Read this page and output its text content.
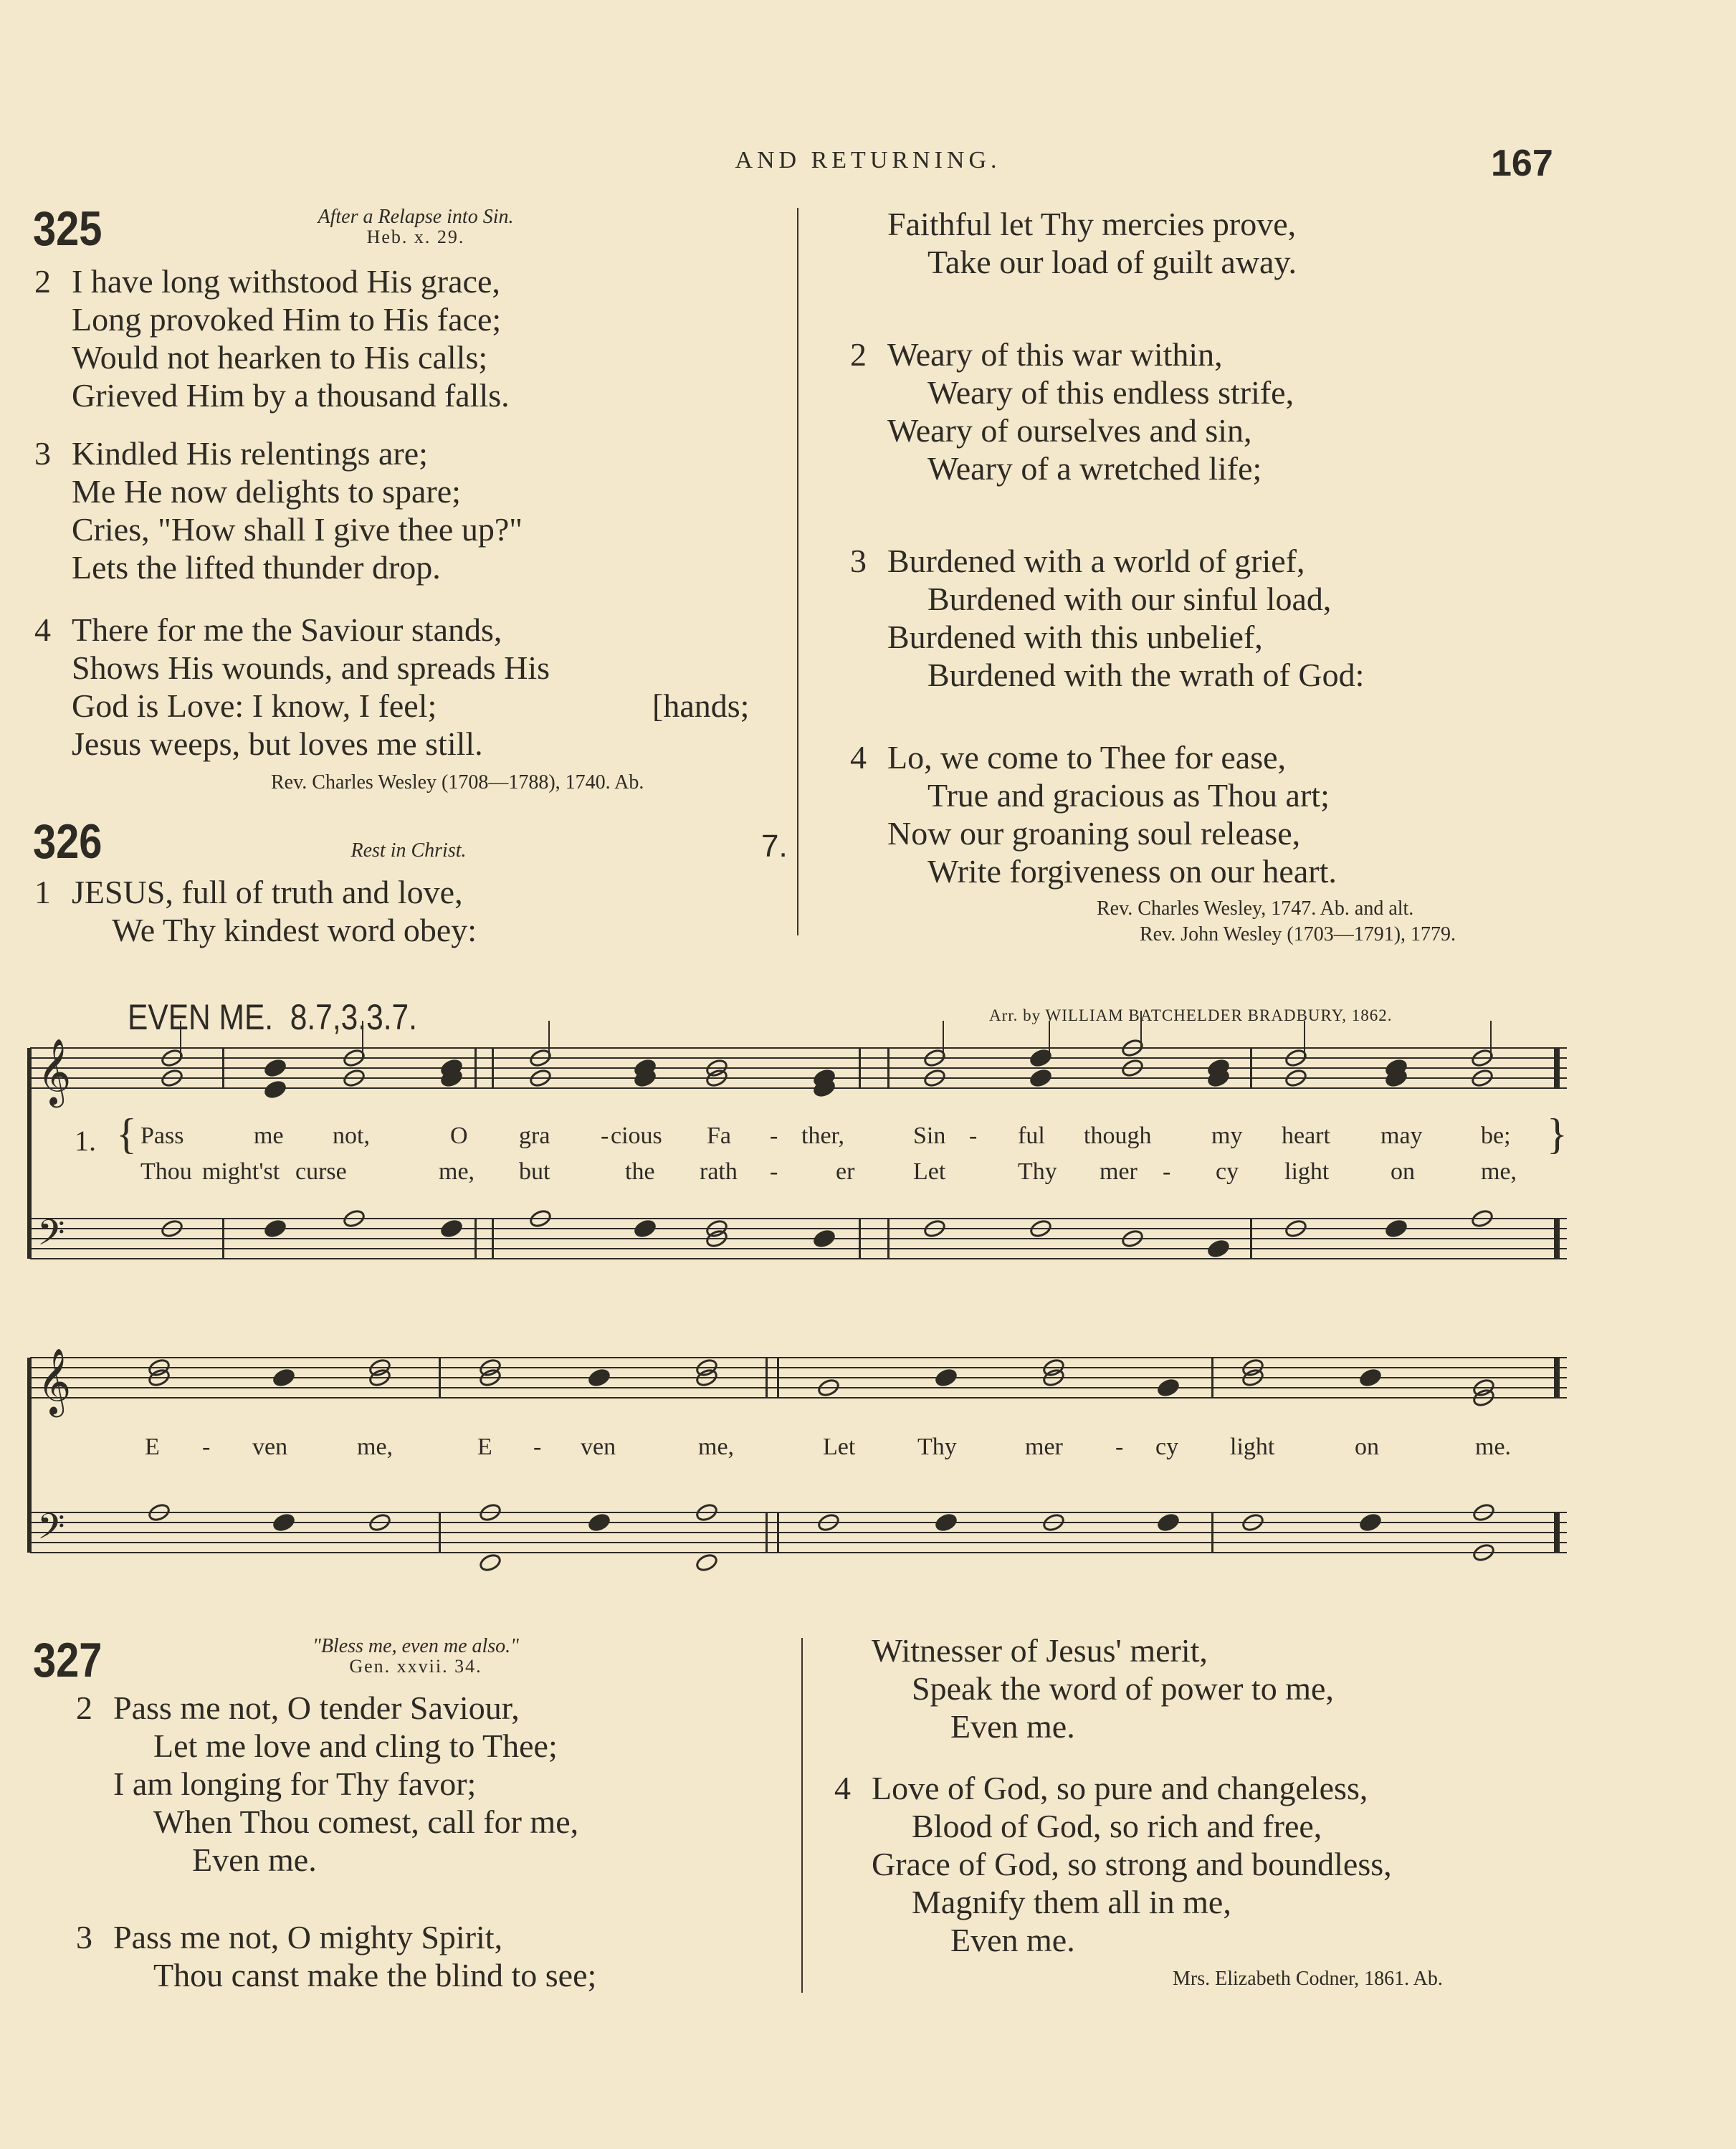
AND RETURNING.	167
325	After a Relapse into Sin.
Heb. x. 29.
2 I have long withstood His grace,
Long provoked Him to His face;
Would not hearken to His calls;
Grieved Him by a thousand falls.
3 Kindled His relentings are;
Me He now delights to spare;
Cries, "How shall I give thee up?"
Lets the lifted thunder drop.
4 There for me the Saviour stands,
Shows His wounds, and spreads His
God is Love: I know, I feel;
Jesus weeps, but loves me still.
[hands;
Rev. Charles Wesley (1708—1788), 1740. Ab.
326	Rest in Christ.	7.
1 JESUS, full of truth and love,
We Thy kindest word obey:
Faithful let Thy mercies prove,
Take our load of guilt away.
2 Weary of this war within,
Weary of this endless strife,
Weary of ourselves and sin,
Weary of a wretched life;
3 Burdened with a world of grief,
Burdened with our sinful load,
Burdened with this unbelief,
Burdened with the wrath of God:
4 Lo, we come to Thee for ease,
True and gracious as Thou art;
Now our groaning soul release,
Write forgiveness on our heart.
Rev. Charles Wesley, 1747. Ab. and alt.
Rev. John Wesley (1703—1791), 1779.
EVEN ME. 8.7,3.3.7.	Arr. by WILLIAM BATCHELDER BRADBURY, 1862.
𝄞
𝄢
𝄞
𝄢
1. {	}
Pass	me not,	O gra - cious Fa - ther,	Sin - ful though my heart may be;
Thou might'st curse	me, but	the rath - er Let	Thy mer - cy light	on	me,
E - ven	me,	E - ven	me,	Let	Thy	mer - cy light	on	me.
327	"Bless me, even me also."
Gen. xxvii. 34.
2 Pass me not, O tender Saviour,
Let me love and cling to Thee;
I am longing for Thy favor;
When Thou comest, call for me,
Even me.
3 Pass me not, O mighty Spirit,
Thou canst make the blind to see;
Witnesser of Jesus' merit,
Speak the word of power to me,
Even me.
4 Love of God, so pure and changeless,
Blood of God, so rich and free,
Grace of God, so strong and boundless,
Magnify them all in me,
Even me.
Mrs. Elizabeth Codner, 1861. Ab.
